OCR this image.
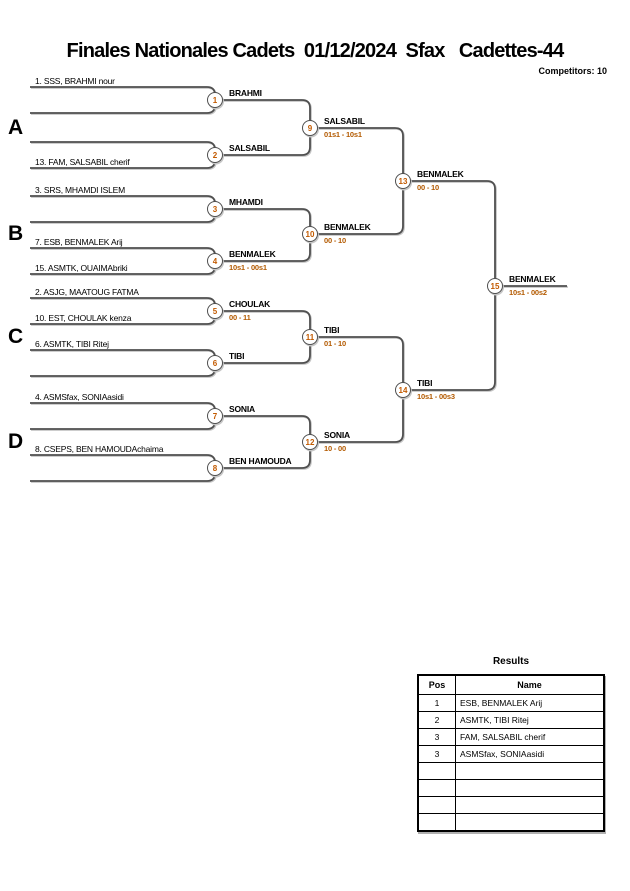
Finales Nationales Cadets  01/12/2024  Sfax   Cadettes-44
Competitors: 10
A
B
C
D
1. SSS, BRAHMI nour
13. FAM, SALSABIL cherif
3. SRS, MHAMDI ISLEM
7. ESB, BENMALEK Arij
15. ASMTK, OUAIMAbriki
2. ASJG, MAATOUG FATMA
10. EST, CHOULAK kenza
6. ASMTK, TIBI Ritej
4. ASMSfax, SONIAasidi
8. CSEPS, BEN HAMOUDAchaima
1
2
3
4
5
6
7
8
9
10
11
12
13
14
15
BRAHMI
SALSABIL
MHAMDI
BENMALEK
CHOULAK
TIBI
SONIA
BEN HAMOUDA
SALSABIL
BENMALEK
TIBI
SONIA
BENMALEK
TIBI
BENMALEK
10s1 - 00s1
00 - 11
01s1 - 10s1
00 - 10
01 - 10
10 - 00
00 - 10
10s1 - 00s3
10s1 - 00s2
Results
Pos	Name
1	ESB, BENMALEK Arij
2	ASMTK, TIBI Ritej
3	FAM, SALSABIL cherif
3	ASMSfax, SONIAasidi
